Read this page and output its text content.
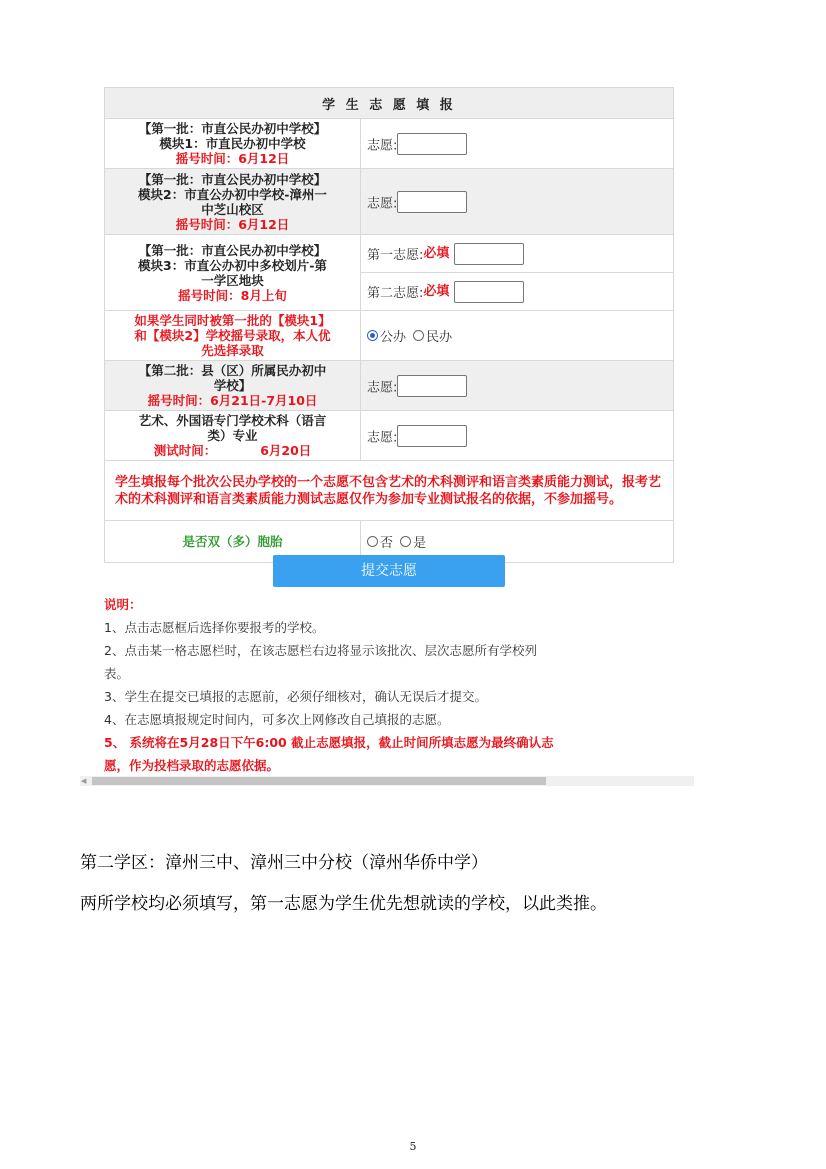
学 生 志 愿 填 报	

【第一批：市直公民办初中学校】
模块1：市直民办初中学校
摇号时间：6月12日	志愿:

【第一批：市直公民办初中学校】
模块2：市直公办初中学校-漳州一
中芝山校区
摇号时间：6月12日	志愿:

【第一批：市直公民办初中学校】
模块3：市直公办初中多校划片-第
一学区地块
摇号时间：8月上旬	第一志愿:必填
	第二志愿:必填

如果学生同时被第一批的【模块1】
和【模块2】学校摇号录取，本人优
先选择录取	公办 民办

【第二批：县（区）所属民办初中
学校】
摇号时间：6月21日-7月10日	志愿:

艺术、外国语专门学校术科（语言
类）专业
测试时间： 6月20日	志愿:
学生填报每个批次公民办学校的一个志愿不包含艺术的术科测评和语言类素质能力测试，报考艺术的术科测评和语言类素质能力测试志愿仅作为参加专业测试报名的依据，不参加摇号。	
是否双（多）胞胎	否 是
提交志愿
说明：
1、点击志愿框后选择你要报考的学校。
2、点击某一格志愿栏时，在该志愿栏右边将显示该批次、层次志愿所有学校列
表。
3、学生在提交已填报的志愿前，必须仔细核对，确认无误后才提交。
4、在志愿填报规定时间内，可多次上网修改自己填报的志愿。
5、 系统将在5月28日下午6:00 截止志愿填报，截止时间所填志愿为最终确认志
愿，作为投档录取的志愿依据。
◀
第二学区：漳州三中、漳州三中分校（漳州华侨中学）
两所学校均必须填写，第一志愿为学生优先想就读的学校，以此类推。
5
